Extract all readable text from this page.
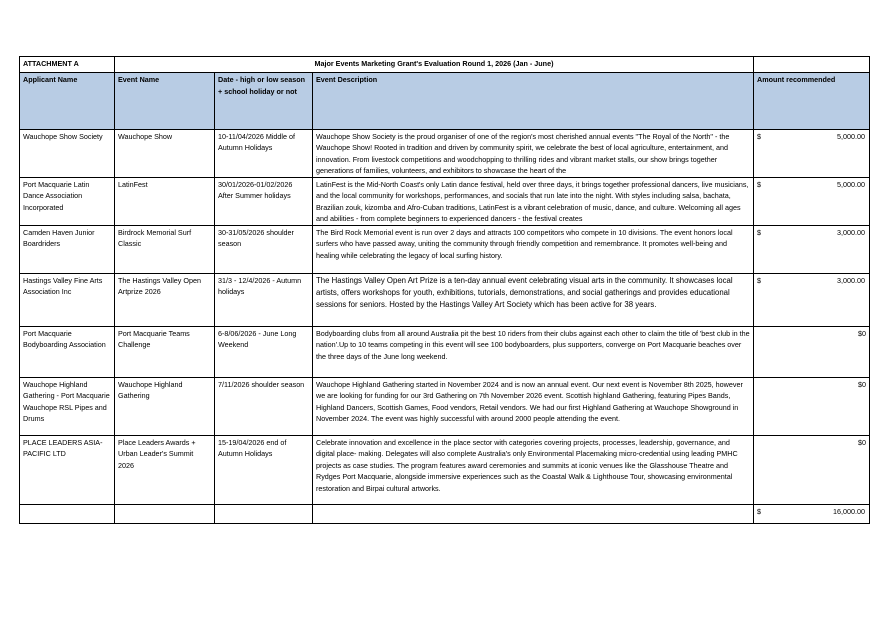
ATTACHMENT A	Major Events Marketing Grant's Evaluation Round 1, 2026 (Jan - June)			
Applicant Name	Event Name	Date - high or low season + school holiday or not	Event Description	Amount recommended
Wauchope Show Society	Wauchope Show	10-11/04/2026 Middle of Autumn Holidays	Wauchope Show Society is the proud organiser of one of the region's most cherished annual events "The Royal of the North" - the Wauchope Show! Rooted in tradition and driven by community spirit, we celebrate the best of local agriculture, entertainment, and innovation. From livestock competitions and woodchopping to thrilling rides and vibrant market stalls, our show brings together generations of families, volunteers, and exhibitors to showcase the heart of the	$ 5,000.00

Port Macquarie Latin Dance Association Incorporated	LatinFest	30/01/2026-01/02/2026 After Summer holidays	LatinFest is the Mid-North Coast's only Latin dance festival, held over three days, it brings together professional dancers, live musicians, and the local community for workshops, performances, and socials that run late into the night. With styles including salsa, bachata, Brazilian zouk, kizomba and Afro-Cuban traditions, LatinFest is a vibrant celebration of music, dance, and culture. Welcoming all ages and abilities - from complete beginners to experienced dancers - the festival creates	$ 5,000.00

Camden Haven Junior Boardriders	Birdrock Memorial Surf Classic	30-31/05/2026 shoulder season	The Bird Rock Memorial event is run over 2 days and attracts 100 competitors who compete in 10 divisions. The event honors local surfers who have passed away, uniting the community through friendly competition and remembrance. It promotes well-being and healing while celebrating the legacy of local surfing history.	$ 3,000.00

Hastings Valley Fine Arts Association Inc	The Hastings Valley Open Artprize 2026	31/3 - 12/4/2026 - Autumn holidays	The Hastings Valley Open Art Prize is a ten-day annual event celebrating visual arts in the community. It showcases local artists, offers workshops for youth, exhibitions, tutorials, demonstrations, and social gatherings and provides educational sessions for seniors. Hosted by the Hastings Valley Art Society which has been active for 38 years.	$ 3,000.00

Port Macquarie Bodyboarding Association	Port Macquarie Teams Challenge	6-8/06/2026 - June Long Weekend	Bodyboarding clubs from all around Australia pit the best 10 riders from their clubs against each other to claim the title of 'best club in the nation'.Up to 10 teams competing in this event will see 100 bodyboarders, plus supporters, converge on Port Macquarie beaches over the three days of the June long weekend.	$0

Wauchope Highland Gathering - Port Macquarie Wauchope RSL Pipes and Drums	Wauchope Highland Gathering	7/11/2026 shoulder season	Wauchope Highland Gathering started in November 2024 and is now an annual event. Our next event is November 8th 2025, however we are looking for funding for our 3rd Gathering on 7th November 2026 event. Scottish highland Gathering, featuring Pipes Bands, Highland Dancers, Scottish Games, Food vendors, Retail vendors. We had our first Highland Gathering at Wauchope Showground in November 2024. The event was highly successful with around 2000 people attending the event.	$0

PLACE LEADERS ASIA-PACIFIC LTD	Place Leaders Awards + Urban Leader's Summit 2026	15-19/04/2026 end of Autumn Holidays	Celebrate innovation and excellence in the place sector with categories covering projects, processes, leadership, governance, and digital place- making. Delegates will also complete Australia's only Environmental Placemaking micro-credential using leading PMHC projects as case studies. The program features award ceremonies and summits at iconic venues like the Glasshouse Theatre and Rydges Port Macquarie, alongside immersive experiences such as the Coastal Walk & Lighthouse Tour, showcasing environmental restoration and Birpai cultural artworks.	$0

				$ 16,000.00
